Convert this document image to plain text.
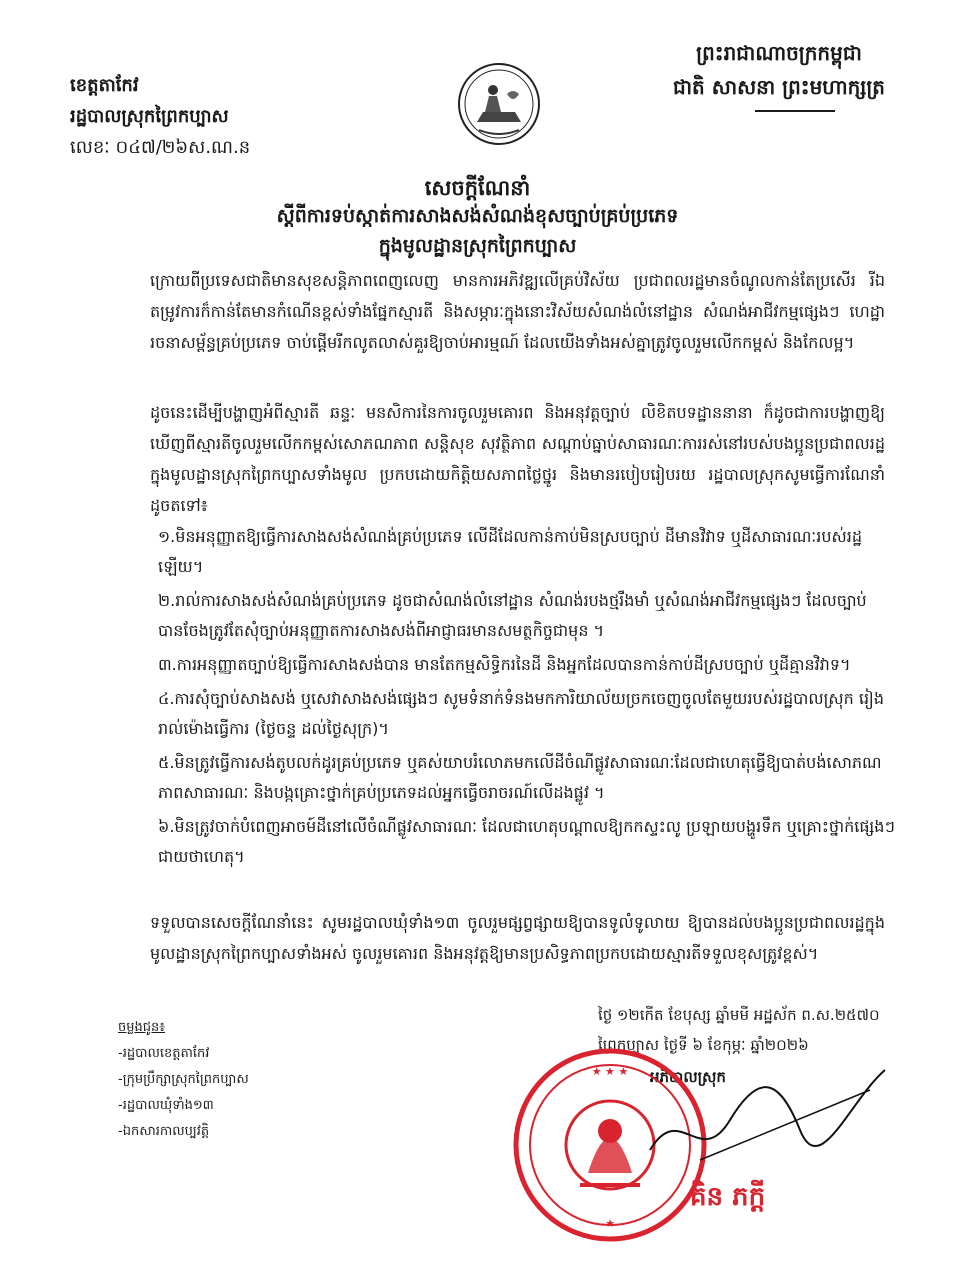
ព្រះរាជាណាចក្រកម្ពុជា
ជាតិ សាសនា ព្រះមហាក្សត្រ
ខេត្តតាកែវ
រដ្ឋបាលស្រុកព្រៃកប្បាស
លេខៈ ០៤៧/២៦ស.ណ.ន
សេចក្តីណែនាំ
ស្តីពីការទប់ស្កាត់ការសាងសង់សំណង់ខុសច្បាប់គ្រប់ប្រភេទ
ក្នុងមូលដ្ឋានស្រុកព្រៃកប្បាស
ក្រោយពីប្រទេសជាតិមានសុខសន្តិភាពពេញលេញ មានការអភិវឌ្ឍលើគ្រប់វិស័យ ប្រជាពលរដ្ឋមានចំណូលកាន់តែប្រសើរ រីឯតម្រូវការក៏កាន់តែមានកំណើនខ្ពស់ទាំងផ្នែកស្មារតី និងសម្ភារៈក្នុងនោះវិស័យសំណង់លំនៅដ្ឋាន សំណង់អាជីវកម្មផ្សេងៗ ហេដ្ឋារចនាសម្ព័ន្ធគ្រប់ប្រភេទ ចាប់ផ្តើមរីកលូតលាស់គួរឱ្យចាប់អារម្មណ៍ ដែលយើងទាំងអស់គ្នាត្រូវចូលរួមលើកកម្ពស់ និងកែលម្អ។
ដូចនេះដើម្បីបង្ហាញអំពីស្មារតី ឆន្ទៈ មនសិការនៃការចូលរួមគោរព និងអនុវត្តច្បាប់ លិខិតបទដ្ឋាននានា ក៏ដូចជាការបង្ហាញឱ្យឃើញពីស្មារតីចូលរួមលើកកម្ពស់សោភណភាព សន្តិសុខ សុវត្ថិភាព សណ្តាប់ធ្នាប់សាធារណៈការរស់នៅរបស់បងប្អូនប្រជាពលរដ្ឋក្នុងមូលដ្ឋានស្រុកព្រៃកប្បាសទាំងមូល ប្រកបដោយកិត្តិយសភាពថ្លៃថ្នូរ និងមានរបៀបរៀបរយ រដ្ឋបាលស្រុកសូមធ្វើការណែនាំដូចតទៅ៖
១.មិនអនុញ្ញាតឱ្យធ្វើការសាងសង់សំណង់គ្រប់ប្រភេទ លើដីដែលកាន់កាប់មិនស្របច្បាប់ ដីមានវិវាទ ឬដីសាធារណៈរបស់រដ្ឋឡើយ។
២.រាល់ការសាងសង់សំណង់គ្រប់ប្រភេទ ដូចជាសំណង់លំនៅដ្ឋាន សំណង់របងថ្មរឹងមាំ ឬសំណង់អាជីវកម្មផ្សេងៗ ដែលច្បាប់បានចែងត្រូវតែសុំច្បាប់អនុញ្ញាតការសាងសង់ពីអាជ្ញាធរមានសមត្ថកិច្ចជាមុន ។
៣.ការអនុញ្ញាតច្បាប់ឱ្យធ្វើការសាងសង់បាន មានតែកម្មសិទ្ធិករនៃដី និងអ្នកដែលបានកាន់កាប់ដីស្របច្បាប់ ឬដីគ្មានវិវាទ។
៤.ការសុំច្បាប់សាងសង់ ឬសេវាសាងសង់ផ្សេងៗ សូមទំនាក់ទំនងមកការិយាល័យច្រកចេញចូលតែមួយរបស់រដ្ឋបាលស្រុក រៀងរាល់ម៉ោងធ្វើការ (ថ្ងៃចន្ទ ដល់ថ្ងៃសុក្រ)។
៥.មិនត្រូវធ្វើការសង់តូបលក់ដូរគ្រប់ប្រភេទ ឬគស់យាបរំលោភមកលើដីចំណីផ្លូវសាធារណៈដែលជាហេតុធ្វើឱ្យបាត់បង់សោភណភាពសាធារណៈ និងបង្កគ្រោះថ្នាក់គ្រប់ប្រភេទដល់អ្នកធ្វើចរាចរណ៍លើដងផ្លូវ ។
៦.មិនត្រូវចាក់បំពេញអាចម៍ដីនៅលើចំណីផ្លូវសាធារណៈ ដែលជាហេតុបណ្តាលឱ្យកកស្ទះលូ ប្រឡាយបង្ហូរទឹក ឬគ្រោះថ្នាក់ផ្សេងៗជាយថាហេតុ។
ទទួលបានសេចក្តីណែនាំនេះ សូមរដ្ឋបាលឃុំទាំង១៣ ចូលរួមផ្សព្វផ្សាយឱ្យបានទូលំទូលាយ ឱ្យបានដល់បងប្អូនប្រជាពលរដ្ឋក្នុងមូលដ្ឋានស្រុកព្រៃកប្បាសទាំងអស់ ចូលរួមគោរព និងអនុវត្តឱ្យមានប្រសិទ្ធភាពប្រកបដោយស្មារតីទទួលខុសត្រូវខ្ពស់។
ថ្ងៃ ១២កើត ខែបុស្ស ឆ្នាំមមី អដ្ឋស័ក ព.ស.២៥៧០
ព្រៃកប្បាស ថ្ងៃទី ៦ ខែកុម្ភៈ ឆ្នាំ២០២៦
ចម្លងជូន៖
-រដ្ឋបាលខេត្តតាកែវ
-ក្រុមប្រឹក្សាស្រុកព្រៃកប្បាស
-រដ្ឋបាលឃុំទាំង១៣
-ឯកសារកាលប្បវត្តិ
អភិបាលស្រុក
★ ★ ★
★
គិន ភក្តី
